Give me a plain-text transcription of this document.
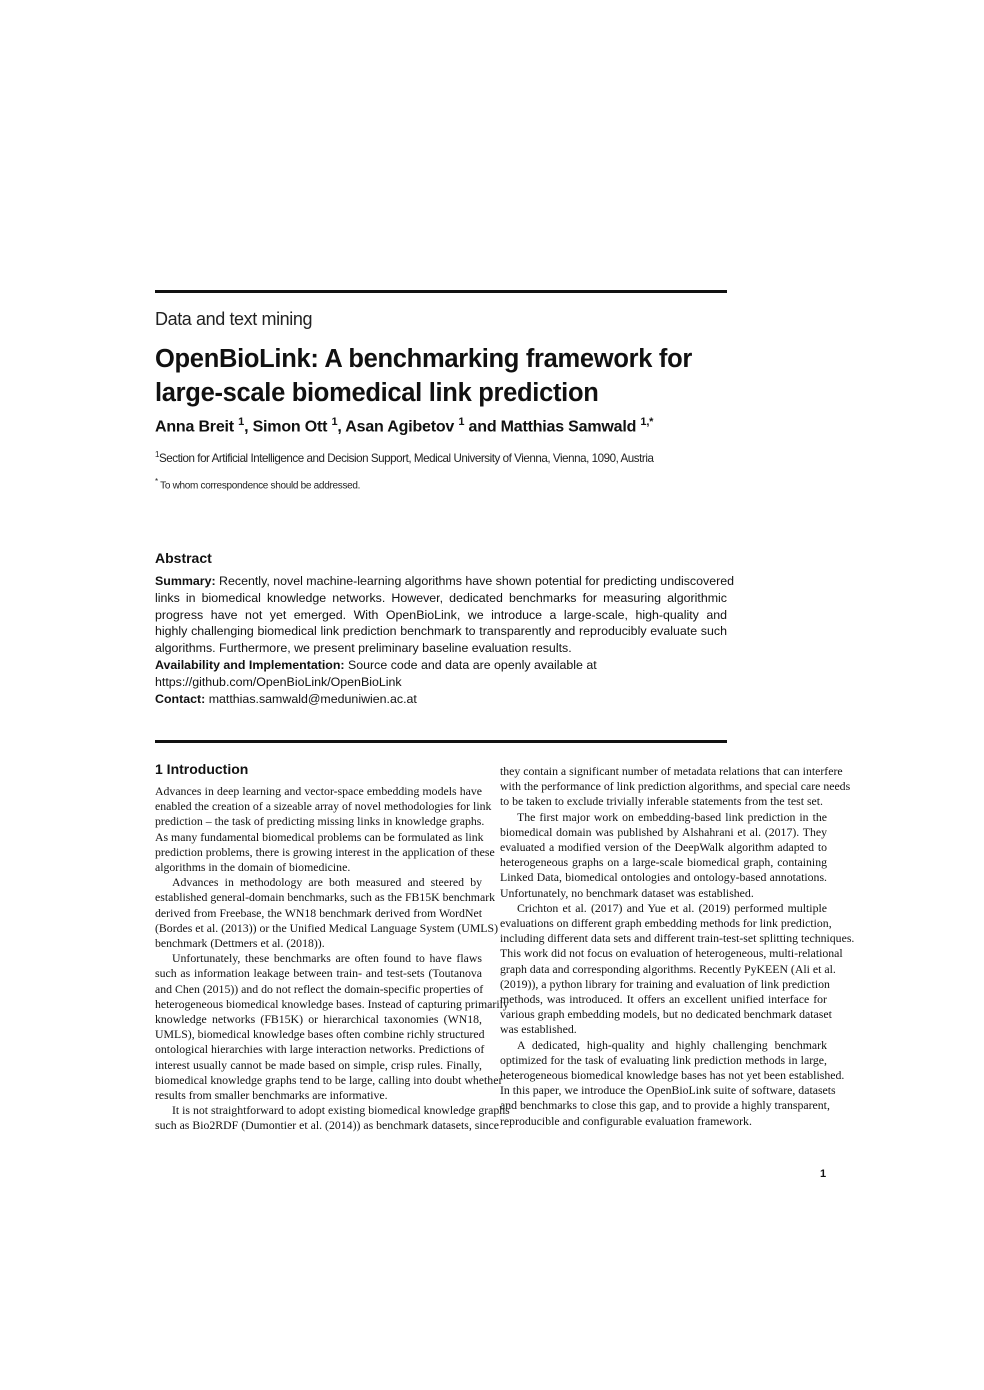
Data and text mining
OpenBioLink: A benchmarking framework for
large-scale biomedical link prediction
Anna Breit $^1$, Simon Ott $^1$, Asan Agibetov $^1$ and Matthias Samwald $^{1,*}$
$^1$Section for Artificial Intelligence and Decision Support, Medical University of Vienna, Vienna, 1090, Austria
* To whom correspondence should be addressed.
Abstract
Summary: Recently, novel machine-learning algorithms have shown potential for predicting undiscovered
links in biomedical knowledge networks. However, dedicated benchmarks for measuring algorithmic
progress have not yet emerged. With OpenBioLink, we introduce a large-scale, high-quality and
highly challenging biomedical link prediction benchmark to transparently and reproducibly evaluate such
algorithms. Furthermore, we present preliminary baseline evaluation results.
Availability and Implementation: Source code and data are openly available at
https://github.com/OpenBioLink/OpenBioLink
Contact: matthias.samwald@meduniwien.ac.at
1 Introduction
Advances in deep learning and vector-space embedding models have
enabled the creation of a sizeable array of novel methodologies for link
prediction – the task of predicting missing links in knowledge graphs.
As many fundamental biomedical problems can be formulated as link
prediction problems, there is growing interest in the application of these
algorithms in the domain of biomedicine.
Advances in methodology are both measured and steered by
established general-domain benchmarks, such as the FB15K benchmark
derived from Freebase, the WN18 benchmark derived from WordNet
(Bordes et al. (2013)) or the Unified Medical Language System (UMLS)
benchmark (Dettmers et al. (2018)).
Unfortunately, these benchmarks are often found to have flaws
such as information leakage between train- and test-sets (Toutanova
and Chen (2015)) and do not reflect the domain-specific properties of
heterogeneous biomedical knowledge bases. Instead of capturing primarily
knowledge networks (FB15K) or hierarchical taxonomies (WN18,
UMLS), biomedical knowledge bases often combine richly structured
ontological hierarchies with large interaction networks. Predictions of
interest usually cannot be made based on simple, crisp rules. Finally,
biomedical knowledge graphs tend to be large, calling into doubt whether
results from smaller benchmarks are informative.
It is not straightforward to adopt existing biomedical knowledge graphs
such as Bio2RDF (Dumontier et al. (2014)) as benchmark datasets, since
they contain a significant number of metadata relations that can interfere
with the performance of link prediction algorithms, and special care needs
to be taken to exclude trivially inferable statements from the test set.
The first major work on embedding-based link prediction in the
biomedical domain was published by Alshahrani et al. (2017). They
evaluated a modified version of the DeepWalk algorithm adapted to
heterogeneous graphs on a large-scale biomedical graph, containing
Linked Data, biomedical ontologies and ontology-based annotations.
Unfortunately, no benchmark dataset was established.
Crichton et al. (2017) and Yue et al. (2019) performed multiple
evaluations on different graph embedding methods for link prediction,
including different data sets and different train-test-set splitting techniques.
This work did not focus on evaluation of heterogeneous, multi-relational
graph data and corresponding algorithms. Recently PyKEEN (Ali et al.
(2019)), a python library for training and evaluation of link prediction
methods, was introduced. It offers an excellent unified interface for
various graph embedding models, but no dedicated benchmark dataset
was established.
A dedicated, high-quality and highly challenging benchmark
optimized for the task of evaluating link prediction methods in large,
heterogeneous biomedical knowledge bases has not yet been established.
In this paper, we introduce the OpenBioLink suite of software, datasets
and benchmarks to close this gap, and to provide a highly transparent,
reproducible and configurable evaluation framework.
1
